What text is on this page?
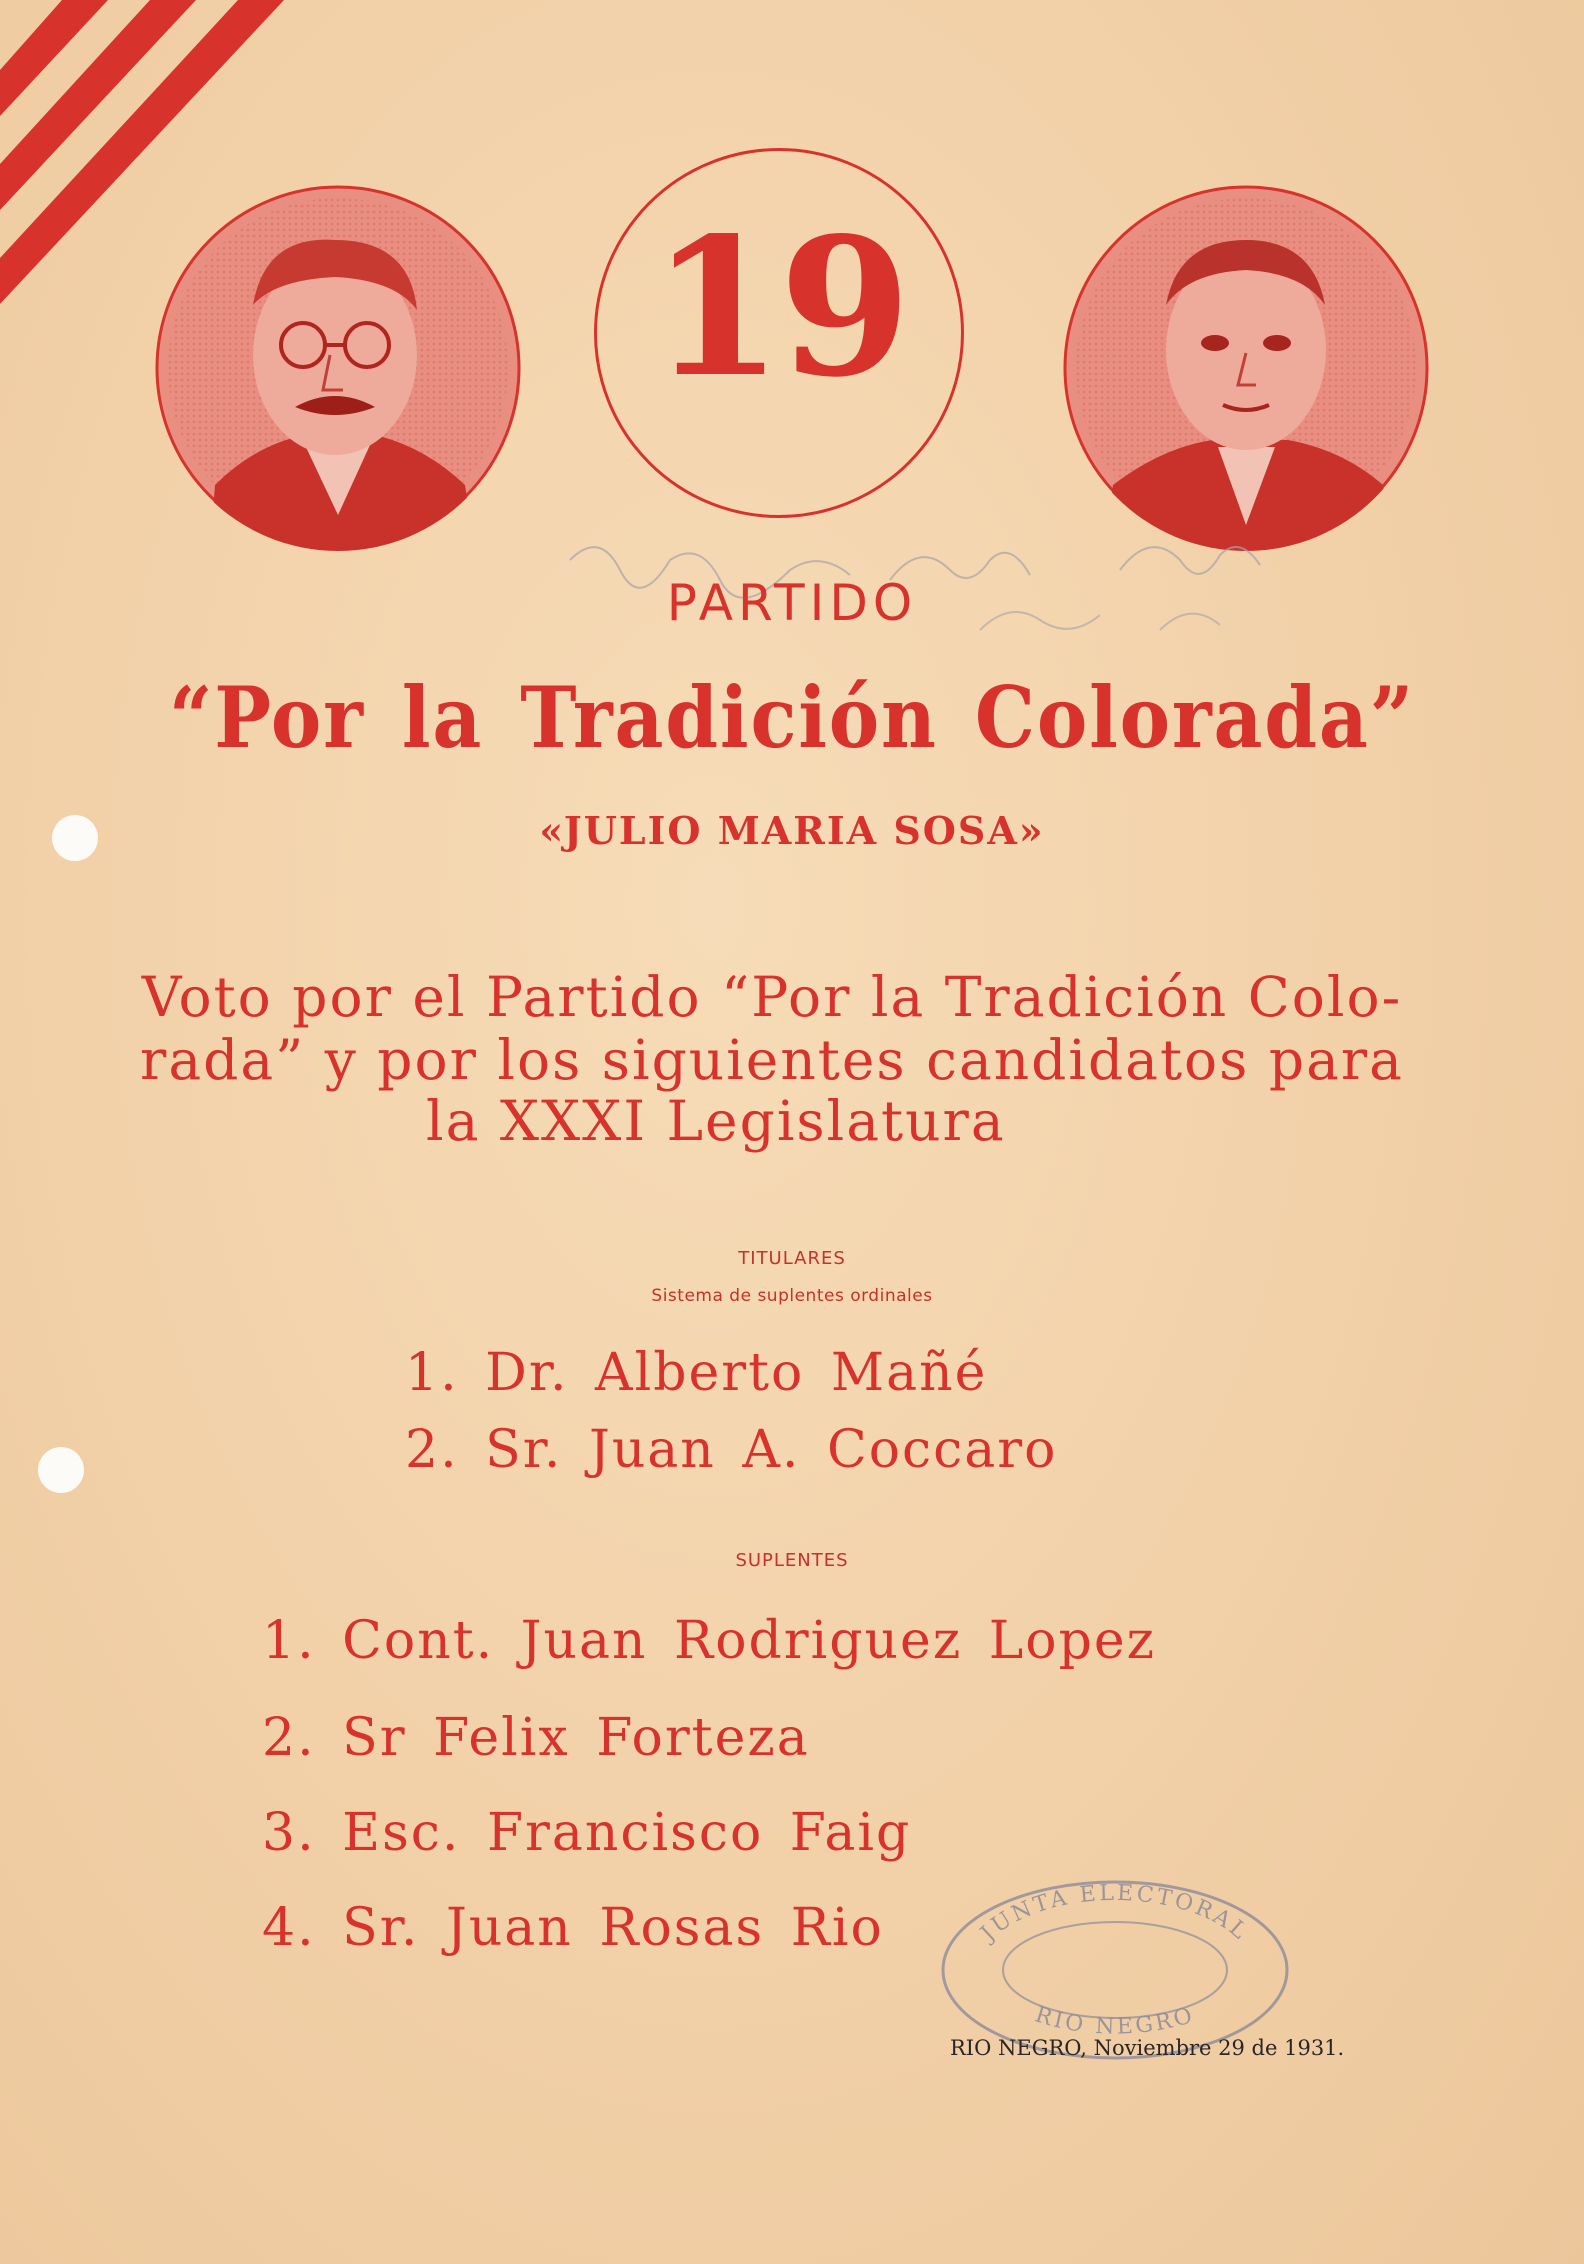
19
PARTIDO
“Por la Tradición Colorada”
«JULIO MARIA SOSA»
Voto por el Partido “Por la Tradición Colo-
rada” y por los siguientes candidatos para
la XXXI Legislatura
TITULARES
Sistema de suplentes ordinales
1. Dr. Alberto Mañé
2. Sr. Juan A. Coccaro
SUPLENTES
1. Cont. Juan Rodriguez Lopez
2. Sr Felix Forteza
3. Esc. Francisco Faig
4. Sr. Juan Rosas Rio	JUNTA ELECTORAL
RIO NEGRO
RIO NEGRO, Noviembre 29 de 1931.
